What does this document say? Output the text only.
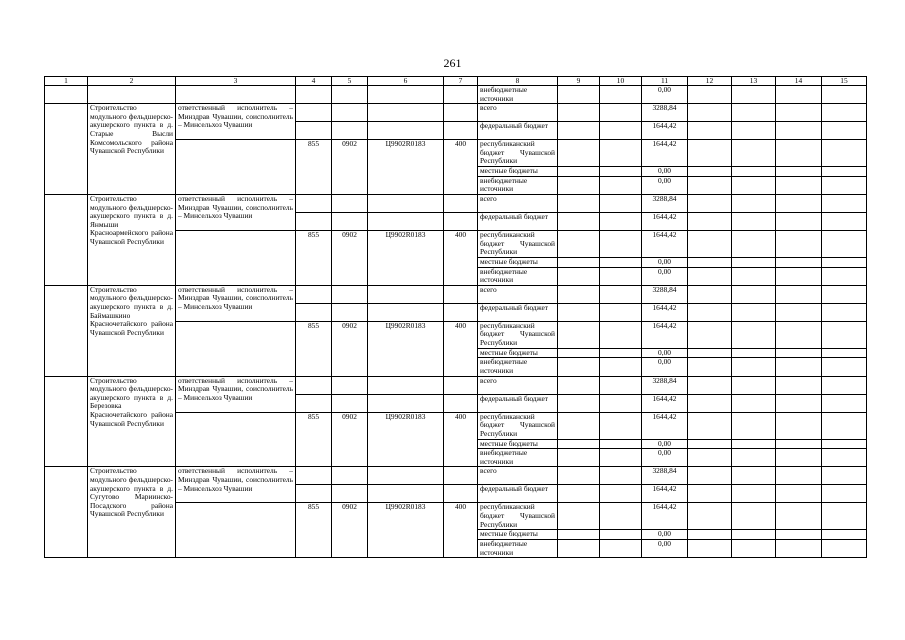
261
1	2	3	4	5	6	7	8	9	10	11	12	13	14	15
							внебюджетные источники			0,00				
	Строительство модульного фельдшерско-акушерского пункта в д. Старые Высли Комсомольского района Чувашской Республики	ответственный исполнитель – Минздрав Чувашии, соисполнитель – Минсельхоз Чувашии					всего			3288,84				
							федеральный бюджет			1644,42				
			855	0902	Ц9902R0183	400	республиканский бюджет Чувашской Республики			1644,42				
							местные бюджеты			0,00				
							внебюджетные источники			0,00				
	Строительство модульного фельдшерско-акушерского пункта в д. Янмыши Красноармейского района Чувашской Республики	ответственный исполнитель – Минздрав Чувашии, соисполнитель – Минсельхоз Чувашии					всего			3288,84				
							федеральный бюджет			1644,42				
			855	0902	Ц9902R0183	400	республиканский бюджет Чувашской Республики			1644,42				
							местные бюджеты			0,00				
							внебюджетные источники			0,00				
	Строительство модульного фельдшерско-акушерского пункта в д. Баймашкино Красночетайского района Чувашской Республики	ответственный исполнитель – Минздрав Чувашии, соисполнитель – Минсельхоз Чувашии					всего			3288,84				
							федеральный бюджет			1644,42				
			855	0902	Ц9902R0183	400	республиканский бюджет Чувашской Республики			1644,42				
							местные бюджеты			0,00				
							внебюджетные источники			0,00				
	Строительство модульного фельдшерско-акушерского пункта в д. Березовка Красночетайского района Чувашской Республики	ответственный исполнитель – Минздрав Чувашии, соисполнитель – Минсельхоз Чувашии					всего			3288,84				
							федеральный бюджет			1644,42				
			855	0902	Ц9902R0183	400	республиканский бюджет Чувашской Республики			1644,42				
							местные бюджеты			0,00				
							внебюджетные источники			0,00				
	Строительство модульного фельдшерско-акушерского пункта в д. Сугутово Мариинско-Посадского района Чувашской Республики	ответственный исполнитель – Минздрав Чувашии, соисполнитель – Минсельхоз Чувашии					всего			3288,84				
							федеральный бюджет			1644,42				
			855	0902	Ц9902R0183	400	республиканский бюджет Чувашской Республики			1644,42				
							местные бюджеты			0,00				
							внебюджетные источники			0,00				
